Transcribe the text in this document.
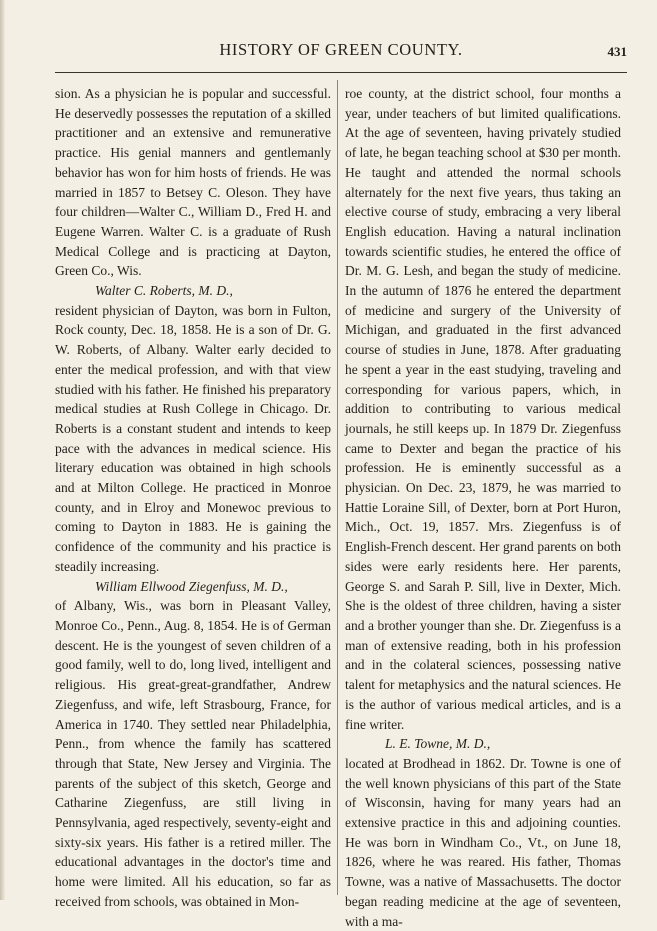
HISTORY OF GREEN COUNTY.	431

sion. As a physician he is popular and successful. He deservedly possesses the reputation of a skilled practitioner and an extensive and remunerative practice. His genial manners and gentlemanly behavior has won for him hosts of friends. He was married in 1857 to Betsey C. Oleson. They have four children—Walter C., William D., Fred H. and Eugene Warren. Walter C. is a graduate of Rush Medical College and is practicing at Dayton, Green Co., Wis.

Walter C. Roberts, M. D.,

resident physician of Dayton, was born in Fulton, Rock county, Dec. 18, 1858. He is a son of Dr. G. W. Roberts, of Albany. Walter early decided to enter the medical profession, and with that view studied with his father. He finished his preparatory medical studies at Rush College in Chicago. Dr. Roberts is a constant student and intends to keep pace with the advances in medical science. His literary education was obtained in high schools and at Milton College. He practiced in Monroe county, and in Elroy and Monewoc previous to coming to Dayton in 1883. He is gaining the confidence of the community and his practice is steadily increasing.

William Ellwood Ziegenfuss, M. D.,

of Albany, Wis., was born in Pleasant Valley, Monroe Co., Penn., Aug. 8, 1854. He is of German descent. He is the youngest of seven children of a good family, well to do, long lived, intelligent and religious. His great-great-grandfather, Andrew Ziegenfuss, and wife, left Strasbourg, France, for America in 1740. They settled near Philadelphia, Penn., from whence the family has scattered through that State, New Jersey and Virginia. The parents of the subject of this sketch, George and Catharine Ziegenfuss, are still living in Pennsylvania, aged respectively, seventy-eight and sixty-six years. His father is a retired miller. The educational advantages in the doctor's time and home were limited. All his education, so far as received from schools, was obtained in Mon-

roe county, at the district school, four months a year, under teachers of but limited qualifications. At the age of seventeen, having privately studied of late, he began teaching school at $30 per month. He taught and attended the normal schools alternately for the next five years, thus taking an elective course of study, embracing a very liberal English education. Having a natural inclination towards scientific studies, he entered the office of Dr. M. G. Lesh, and began the study of medicine. In the autumn of 1876 he entered the department of medicine and surgery of the University of Michigan, and graduated in the first advanced course of studies in June, 1878. After graduating he spent a year in the east studying, traveling and corresponding for various papers, which, in addition to contributing to various medical journals, he still keeps up. In 1879 Dr. Ziegenfuss came to Dexter and began the practice of his profession. He is eminently successful as a physician. On Dec. 23, 1879, he was married to Hattie Loraine Sill, of Dexter, born at Port Huron, Mich., Oct. 19, 1857. Mrs. Ziegenfuss is of English-French descent. Her grand parents on both sides were early residents here. Her parents, George S. and Sarah P. Sill, live in Dexter, Mich. She is the oldest of three children, having a sister and a brother younger than she. Dr. Ziegenfuss is a man of extensive reading, both in his profession and in the colateral sciences, possessing native talent for metaphysics and the natural sciences. He is the author of various medical articles, and is a fine writer.

L. E. Towne, M. D.,

located at Brodhead in 1862. Dr. Towne is one of the well known physicians of this part of the State of Wisconsin, having for many years had an extensive practice in this and adjoining counties. He was born in Windham Co., Vt., on June 18, 1826, where he was reared. His father, Thomas Towne, was a native of Massachusetts. The doctor began reading medicine at the age of seventeen, with a ma-
